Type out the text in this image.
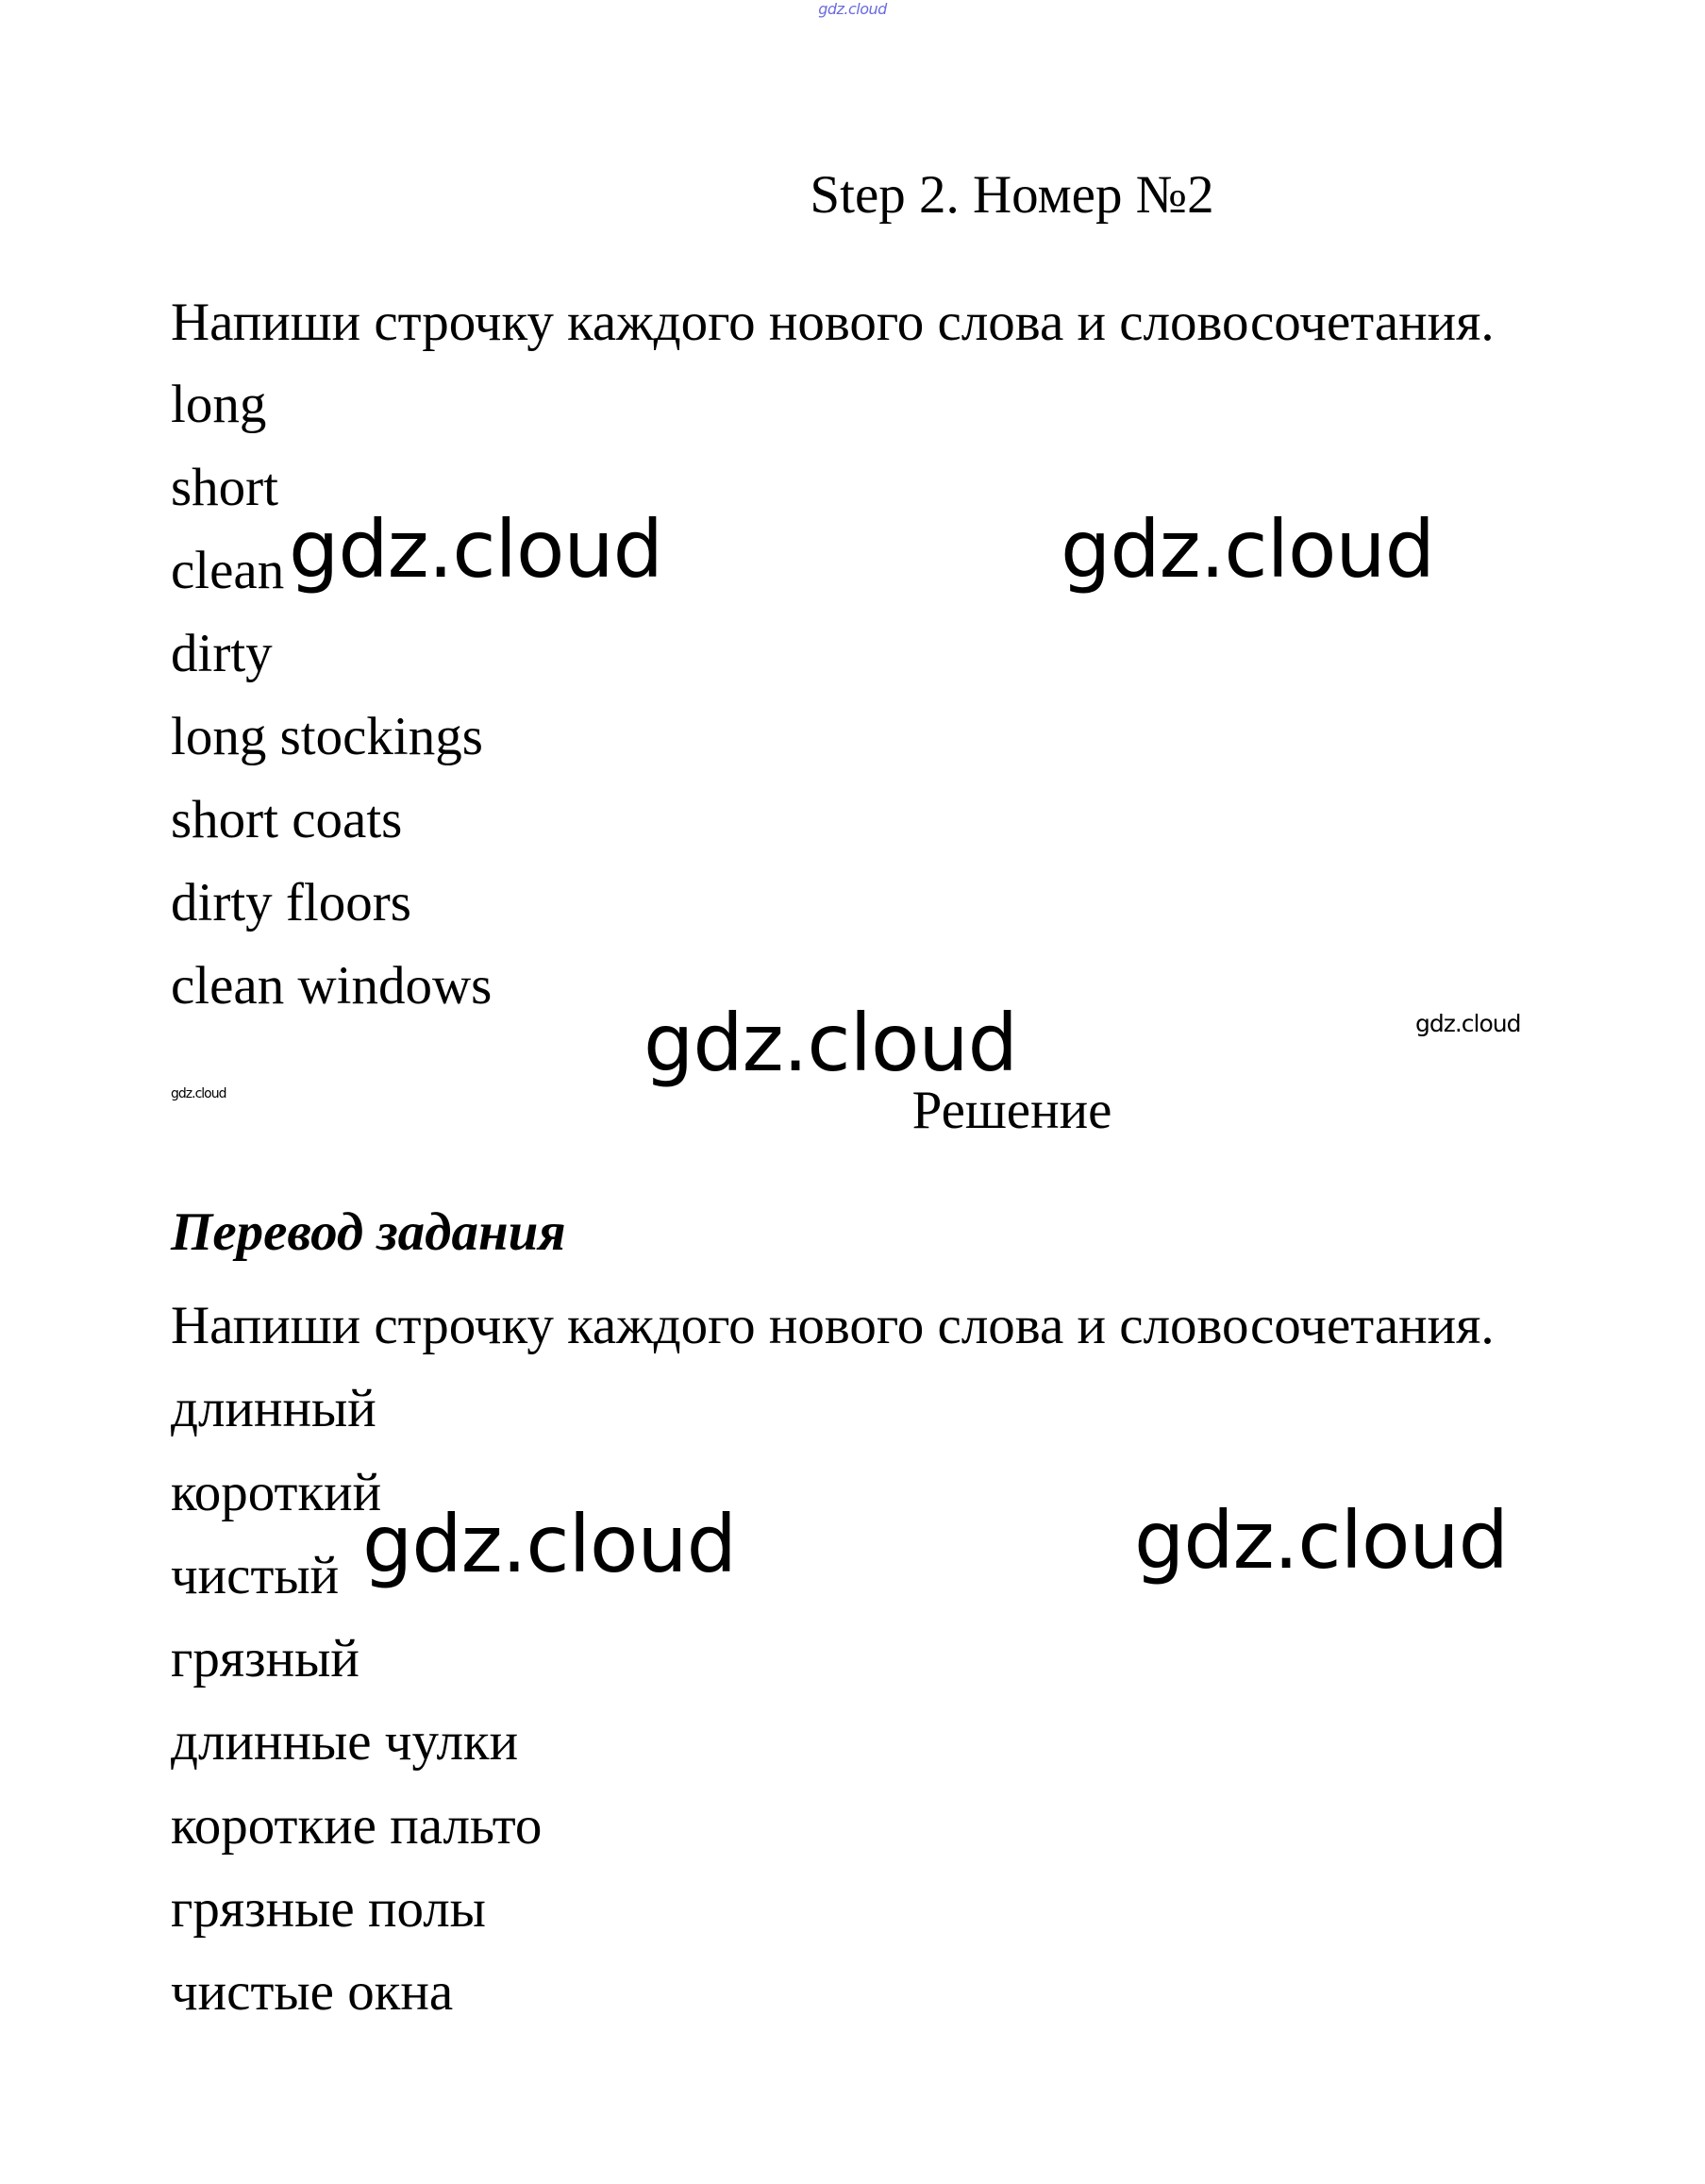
gdz.cloud
Step 2. Номер №2

Напиши строчку каждого нового слова и словосочетания.

long

short

clean

dirty

long stockings

short coats

dirty floors

clean windows

Решение

Перевод задания

Напиши строчку каждого нового слова и словосочетания.

длинный

короткий

чистый

грязный

длинные чулки

короткие пальто

грязные полы

чистые окна

gdz.cloud	gdz.cloud
gdz.cloud	gdz.cloud
gdz.cloud
gdz.cloud	gdz.cloud
